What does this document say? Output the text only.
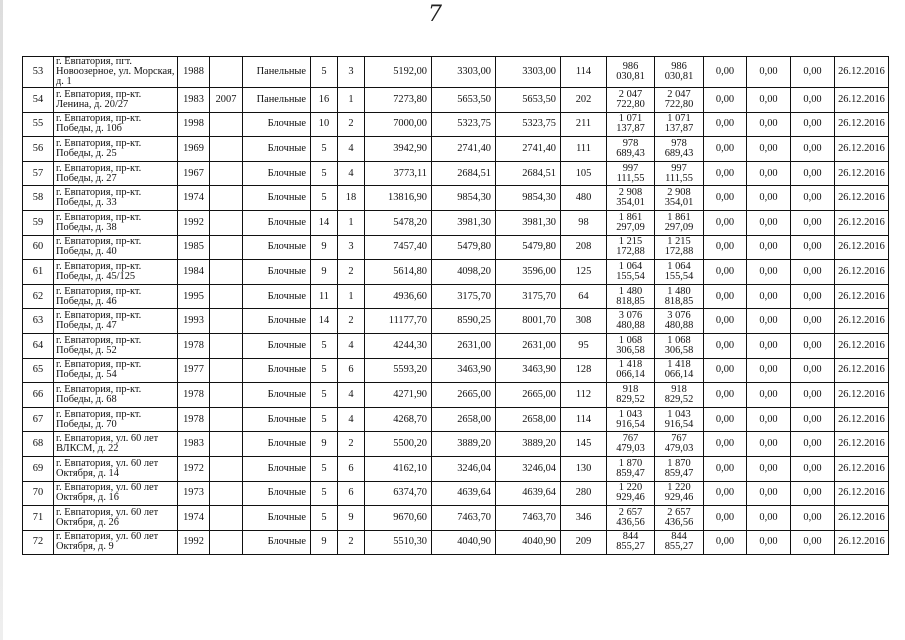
7
53	г. Евпатория, пгт. Новоозерное, ул. Морская, д. 1	1988		Панельные	5	3	5192,00	3303,00	3303,00	114	986 030,81	986 030,81	0,00	0,00	0,00	26.12.2016
54	г. Евпатория, пр-кт. Ленина, д. 20/27	1983	2007	Панельные	16	1	7273,80	5653,50	5653,50	202	2 047 722,80	2 047 722,80	0,00	0,00	0,00	26.12.2016
55	г. Евпатория, пр-кт. Победы, д. 10б	1998		Блочные	10	2	7000,00	5323,75	5323,75	211	1 071 137,87	1 071 137,87	0,00	0,00	0,00	26.12.2016
56	г. Евпатория, пр-кт. Победы, д. 25	1969		Блочные	5	4	3942,90	2741,40	2741,40	111	978 689,43	978 689,43	0,00	0,00	0,00	26.12.2016
57	г. Евпатория, пр-кт. Победы, д. 27	1967		Блочные	5	4	3773,11	2684,51	2684,51	105	997 111,55	997 111,55	0,00	0,00	0,00	26.12.2016
58	г. Евпатория, пр-кт. Победы, д. 33	1974		Блочные	5	18	13816,90	9854,30	9854,30	480	2 908 354,01	2 908 354,01	0,00	0,00	0,00	26.12.2016
59	г. Евпатория, пр-кт. Победы, д. 38	1992		Блочные	14	1	5478,20	3981,30	3981,30	98	1 861 297,09	1 861 297,09	0,00	0,00	0,00	26.12.2016
60	г. Евпатория, пр-кт. Победы, д. 40	1985		Блочные	9	3	7457,40	5479,80	5479,80	208	1 215 172,88	1 215 172,88	0,00	0,00	0,00	26.12.2016
61	г. Евпатория, пр-кт. Победы, д. 45/125	1984		Блочные	9	2	5614,80	4098,20	3596,00	125	1 064 155,54	1 064 155,54	0,00	0,00	0,00	26.12.2016
62	г. Евпатория, пр-кт. Победы, д. 46	1995		Блочные	11	1	4936,60	3175,70	3175,70	64	1 480 818,85	1 480 818,85	0,00	0,00	0,00	26.12.2016
63	г. Евпатория, пр-кт. Победы, д. 47	1993		Блочные	14	2	11177,70	8590,25	8001,70	308	3 076 480,88	3 076 480,88	0,00	0,00	0,00	26.12.2016
64	г. Евпатория, пр-кт. Победы, д. 52	1978		Блочные	5	4	4244,30	2631,00	2631,00	95	1 068 306,58	1 068 306,58	0,00	0,00	0,00	26.12.2016
65	г. Евпатория, пр-кт. Победы, д. 54	1977		Блочные	5	6	5593,20	3463,90	3463,90	128	1 418 066,14	1 418 066,14	0,00	0,00	0,00	26.12.2016
66	г. Евпатория, пр-кт. Победы, д. 68	1978		Блочные	5	4	4271,90	2665,00	2665,00	112	918 829,52	918 829,52	0,00	0,00	0,00	26.12.2016
67	г. Евпатория, пр-кт. Победы, д. 70	1978		Блочные	5	4	4268,70	2658,00	2658,00	114	1 043 916,54	1 043 916,54	0,00	0,00	0,00	26.12.2016
68	г. Евпатория, ул. 60 лет ВЛКСМ, д. 22	1983		Блочные	9	2	5500,20	3889,20	3889,20	145	767 479,03	767 479,03	0,00	0,00	0,00	26.12.2016
69	г. Евпатория, ул. 60 лет Октября, д. 14	1972		Блочные	5	6	4162,10	3246,04	3246,04	130	1 870 859,47	1 870 859,47	0,00	0,00	0,00	26.12.2016
70	г. Евпатория, ул. 60 лет Октября, д. 16	1973		Блочные	5	6	6374,70	4639,64	4639,64	280	1 220 929,46	1 220 929,46	0,00	0,00	0,00	26.12.2016
71	г. Евпатория, ул. 60 лет Октября, д. 26	1974		Блочные	5	9	9670,60	7463,70	7463,70	346	2 657 436,56	2 657 436,56	0,00	0,00	0,00	26.12.2016
72	г. Евпатория, ул. 60 лет Октября, д. 9	1992		Блочные	9	2	5510,30	4040,90	4040,90	209	844 855,27	844 855,27	0,00	0,00	0,00	26.12.2016
